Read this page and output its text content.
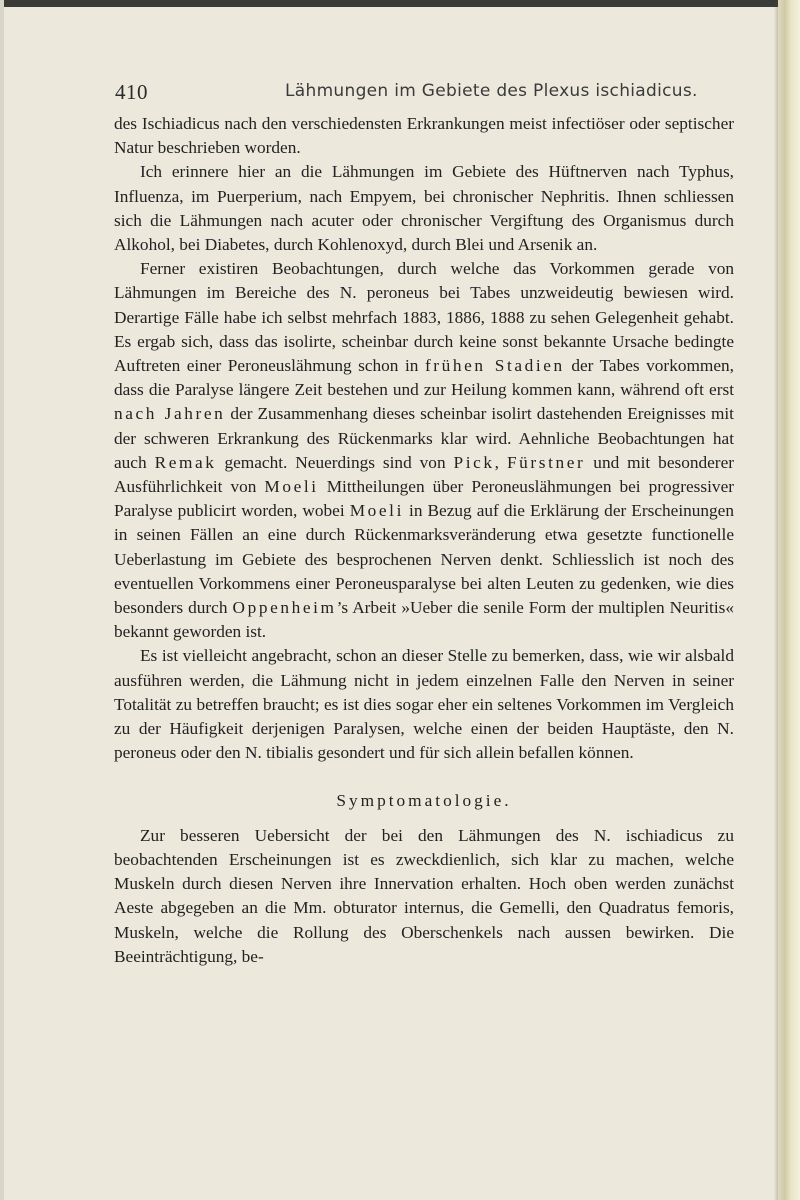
410	Lähmungen im Gebiete des Plexus ischiadicus.

des Ischiadicus nach den verschiedensten Erkrankungen meist infectiöser oder septischer Natur beschrieben worden.

Ich erinnere hier an die Lähmungen im Gebiete des Hüftnerven nach Typhus, Influenza, im Puerperium, nach Empyem, bei chronischer Nephritis. Ihnen schliessen sich die Lähmungen nach acuter oder chronischer Vergiftung des Organismus durch Alkohol, bei Diabetes, durch Kohlenoxyd, durch Blei und Arsenik an.

Ferner existiren Beobachtungen, durch welche das Vorkommen gerade von Lähmungen im Bereiche des N. peroneus bei Tabes unzweideutig bewiesen wird. Derartige Fälle habe ich selbst mehrfach 1883, 1886, 1888 zu sehen Gelegenheit gehabt. Es ergab sich, dass das isolirte, scheinbar durch keine sonst bekannte Ursache bedingte Auftreten einer Peroneuslähmung schon in frühen Stadien der Tabes vorkommen, dass die Paralyse längere Zeit bestehen und zur Heilung kommen kann, während oft erst nach Jahren der Zusammenhang dieses scheinbar isolirt dastehenden Ereignisses mit der schweren Erkrankung des Rückenmarks klar wird. Aehnliche Beobachtungen hat auch Remak gemacht. Neuerdings sind von Pick, Fürstner und mit besonderer Ausführlichkeit von Moeli Mittheilungen über Peroneuslähmungen bei progressiver Paralyse publicirt worden, wobei Moeli in Bezug auf die Erklärung der Erscheinungen in seinen Fällen an eine durch Rückenmarksveränderung etwa gesetzte functionelle Ueberlastung im Gebiete des besprochenen Nerven denkt. Schliesslich ist noch des eventuellen Vorkommens einer Peroneusparalyse bei alten Leuten zu gedenken, wie dies besonders durch Oppenheim’s Arbeit »Ueber die senile Form der multiplen Neuritis« bekannt geworden ist.

Es ist vielleicht angebracht, schon an dieser Stelle zu bemerken, dass, wie wir alsbald ausführen werden, die Lähmung nicht in jedem einzelnen Falle den Nerven in seiner Totalität zu betreffen braucht; es ist dies sogar eher ein seltenes Vorkommen im Vergleich zu der Häufigkeit derjenigen Paralysen, welche einen der beiden Hauptäste, den N. peroneus oder den N. tibialis gesondert und für sich allein befallen können.

Symptomatologie.

Zur besseren Uebersicht der bei den Lähmungen des N. ischiadicus zu beobachtenden Erscheinungen ist es zweckdienlich, sich klar zu machen, welche Muskeln durch diesen Nerven ihre Innervation erhalten. Hoch oben werden zunächst Aeste abgegeben an die Mm. obturator internus, die Gemelli, den Quadratus femoris, Muskeln, welche die Rollung des Oberschenkels nach aussen bewirken. Die Beeinträchtigung, be-
